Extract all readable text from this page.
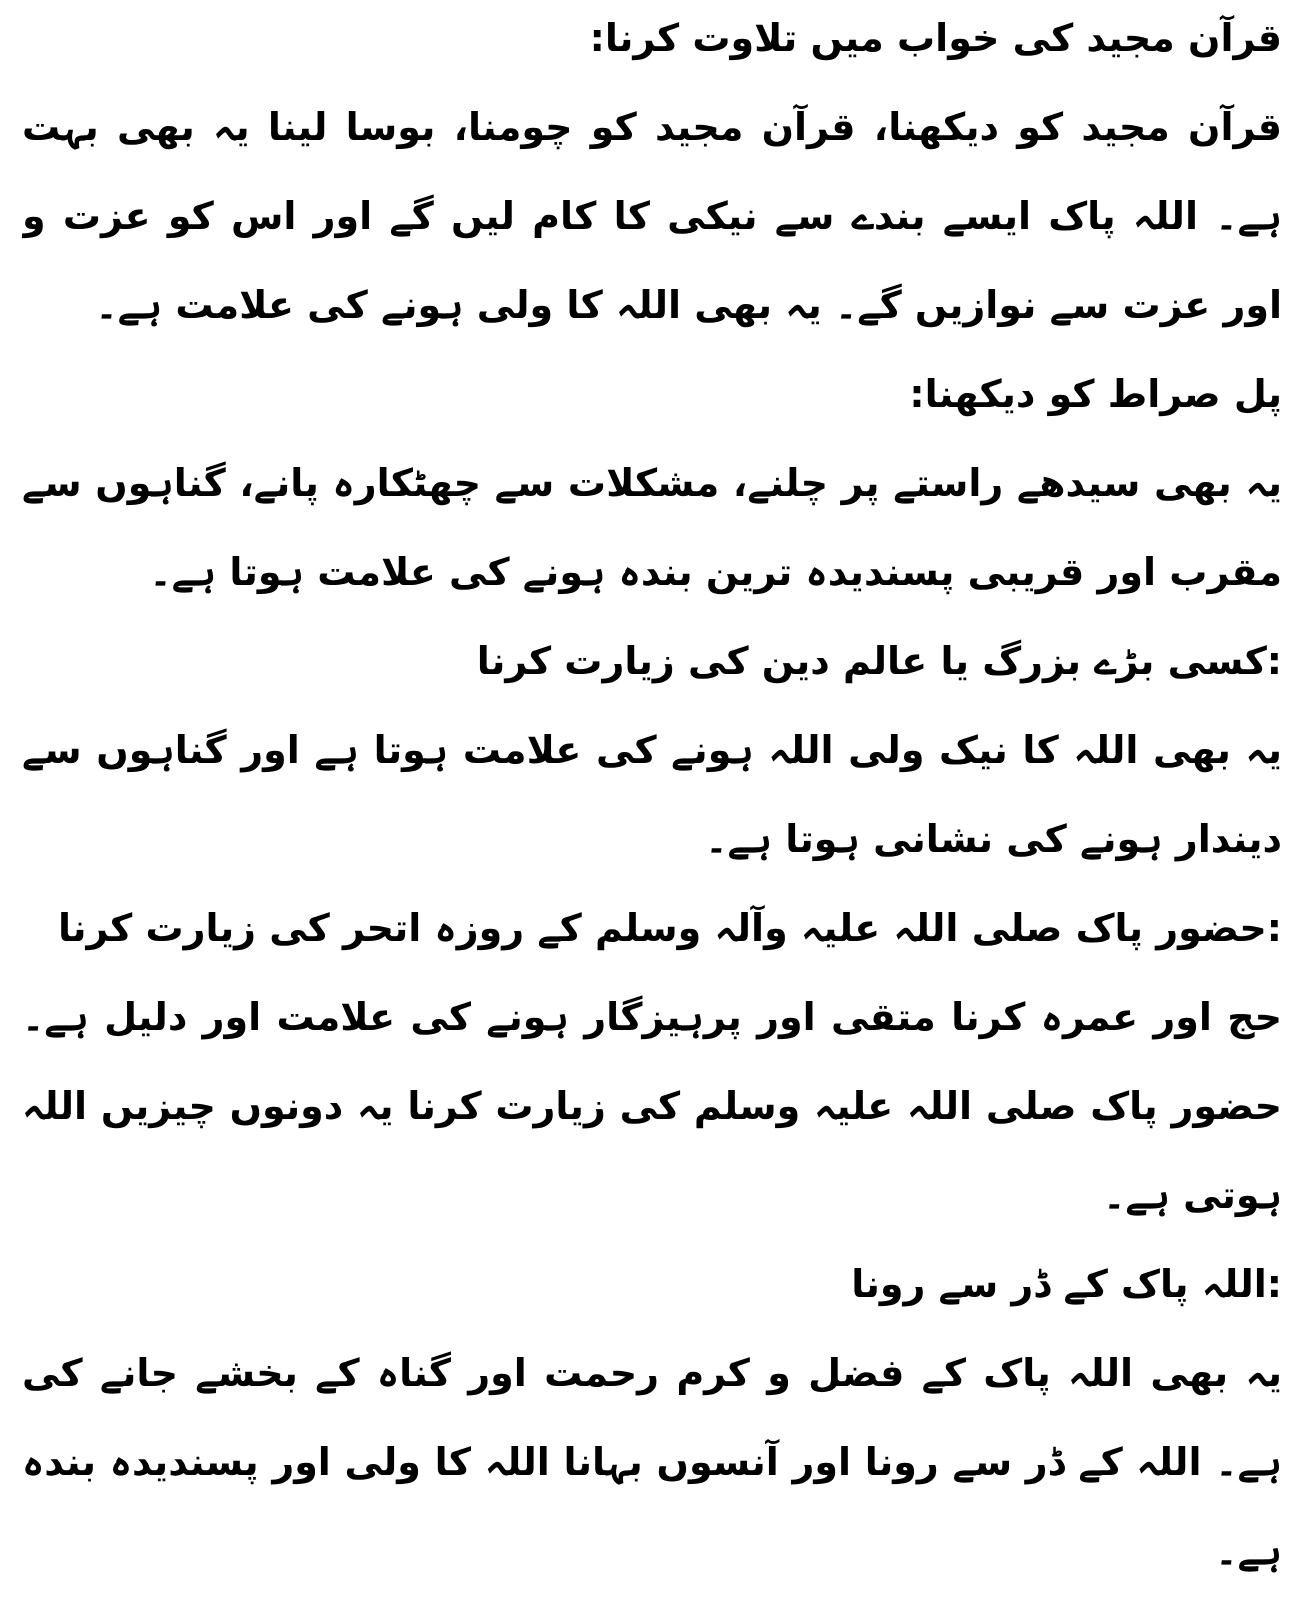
قرآن مجید کی خواب میں تلاوت کرنا:
قرآن مجید کو دیکھنا، قرآن مجید کو چومنا، بوسا لینا یہ بھی بہت
ہے۔ اللہ پاک ایسے بندے سے نیکی کا کام لیں گے اور اس کو عزت و
اور عزت سے نوازیں گے۔ یہ بھی اللہ کا ولی ہونے کی علامت ہے۔
پل صراط کو دیکھنا:
یہ بھی سیدھے راستے پر چلنے، مشکلات سے چھٹکارہ پانے، گناہوں سے
مقرب اور قریبی پسندیدہ ترین بندہ ہونے کی علامت ہوتا ہے۔
:کسی بڑے بزرگ یا عالم دین کی زیارت کرنا
یہ بھی اللہ کا نیک ولی اللہ ہونے کی علامت ہوتا ہے اور گناہوں سے
دیندار ہونے کی نشانی ہوتا ہے۔
:حضور پاک صلی اللہ علیہ وآلہ وسلم کے روزہ اتحر کی زیارت کرنا
حج اور عمرہ کرنا متقی اور پرہیزگار ہونے کی علامت اور دلیل ہے۔
حضور پاک صلی اللہ علیہ وسلم کی زیارت کرنا یہ دونوں چیزیں اللہ
ہوتی ہے۔
:اللہ پاک کے ڈر سے رونا
یہ بھی اللہ پاک کے فضل و کرم رحمت اور گناہ کے بخشے جانے کی
ہے۔ اللہ کے ڈر سے رونا اور آنسوں بہانا اللہ کا ولی اور پسندیدہ بندہ
ہے۔
